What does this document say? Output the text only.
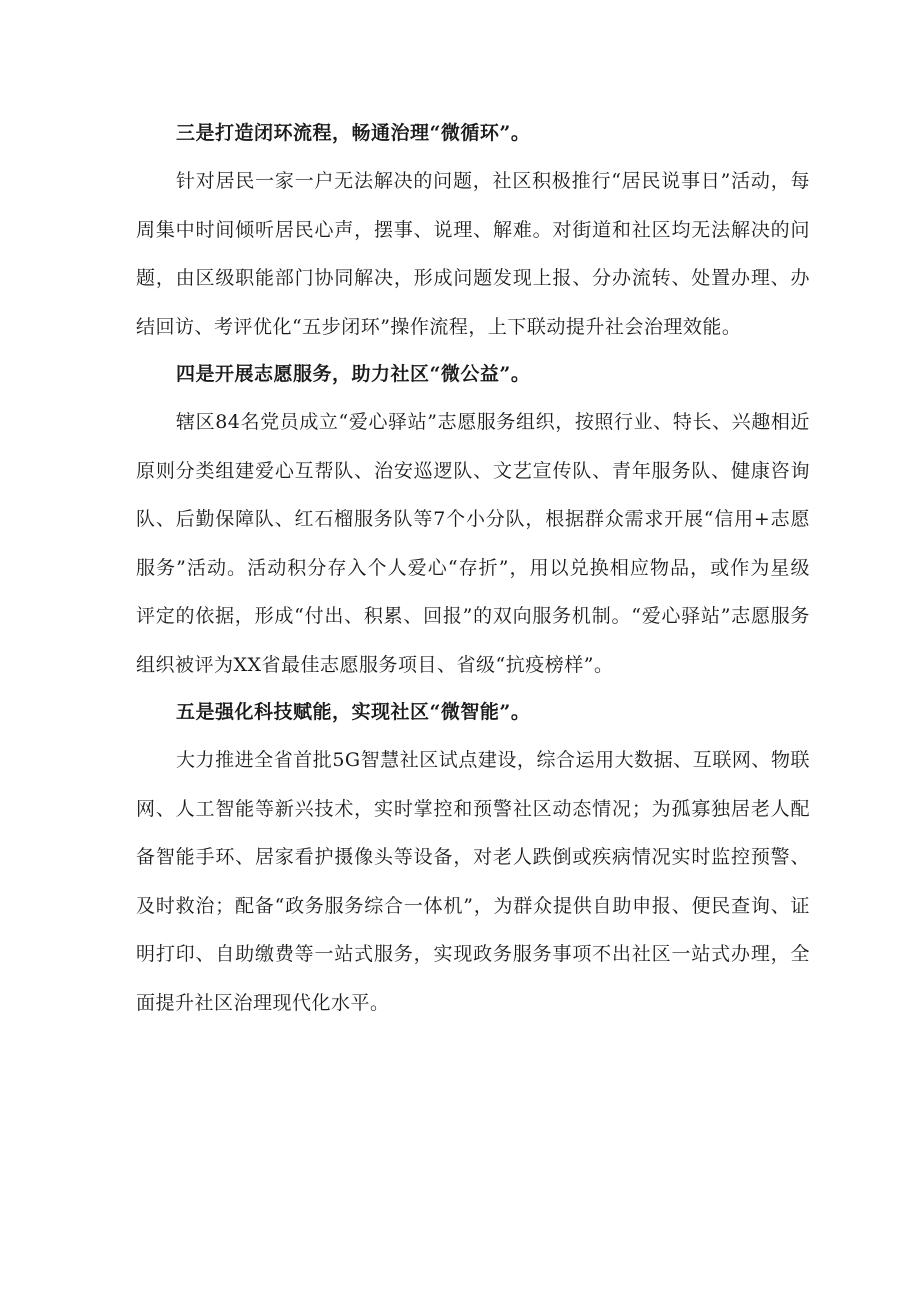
三是打造闭环流程，畅通治理“微循环”。

针对居民一家一户无法解决的问题，社区积极推行“居民说事日”活动，每周集中时间倾听居民心声，摆事、说理、解难。对街道和社区均无法解决的问题，由区级职能部门协同解决，形成问题发现上报、分办流转、处置办理、办结回访、考评优化“五步闭环”操作流程，上下联动提升社会治理效能。

四是开展志愿服务，助力社区“微公益”。

辖区84名党员成立“爱心驿站”志愿服务组织，按照行业、特长、兴趣相近原则分类组建爱心互帮队、治安巡逻队、文艺宣传队、青年服务队、健康咨询队、后勤保障队、红石榴服务队等7个小分队，根据群众需求开展“信用+志愿服务”活动。活动积分存入个人爱心“存折”，用以兑换相应物品，或作为星级评定的依据，形成“付出、积累、回报”的双向服务机制。“爱心驿站”志愿服务组织被评为XX省最佳志愿服务项目、省级“抗疫榜样”。

五是强化科技赋能，实现社区“微智能”。

大力推进全省首批5G智慧社区试点建设，综合运用大数据、互联网、物联网、人工智能等新兴技术，实时掌控和预警社区动态情况；为孤寡独居老人配备智能手环、居家看护摄像头等设备，对老人跌倒或疾病情况实时监控预警、及时救治；配备“政务服务综合一体机”，为群众提供自助申报、便民查询、证明打印、自助缴费等一站式服务，实现政务服务事项不出社区一站式办理，全面提升社区治理现代化水平。
